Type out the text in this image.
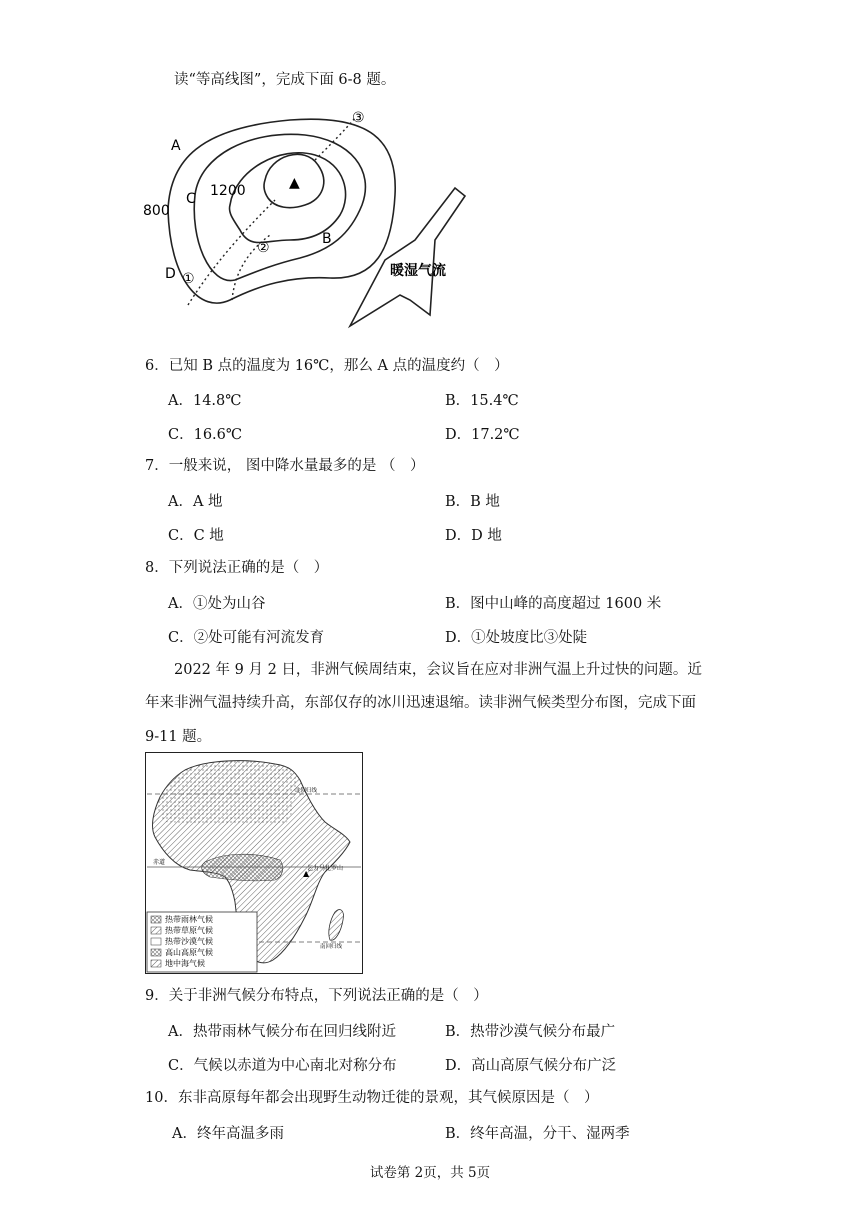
读“等高线图”，完成下面 6-8 题。
A
C
800
1200
D
B
①
②
③
▲
暖湿气流
6．已知 B 点的温度为 16℃，那么 A 点的温度约（　）
A．14.8℃	B．15.4℃
C．16.6℃	D．17.2℃
7．一般来说， 图中降水量最多的是 （　）
A．A 地	B．B 地
C．C 地	D．D 地
8．下列说法正确的是（　）
A．①处为山谷	B．图中山峰的高度超过 1600 米
C．②处可能有河流发育	D．①处坡度比③处陡
2022 年 9 月 2 日，非洲气候周结束，会议旨在应对非洲气温上升过快的问题。近
年来非洲气温持续升高，东部仅存的冰川迅速退缩。读非洲气候类型分布图，完成下面
9-11 题。
北回归线
赤道
南回归线
▲
乞力马扎罗山
热带雨林气候
热带草原气候
热带沙漠气候
高山高原气候
地中海气候
9．关于非洲气候分布特点，下列说法正确的是（　）
A．热带雨林气候分布在回归线附近	B．热带沙漠气候分布最广
C．气候以赤道为中心南北对称分布	D．高山高原气候分布广泛
10．东非高原每年都会出现野生动物迁徙的景观，其气候原因是（　）
A．终年高温多雨	B．终年高温，分干、湿两季
试卷第 2页，共 5页
